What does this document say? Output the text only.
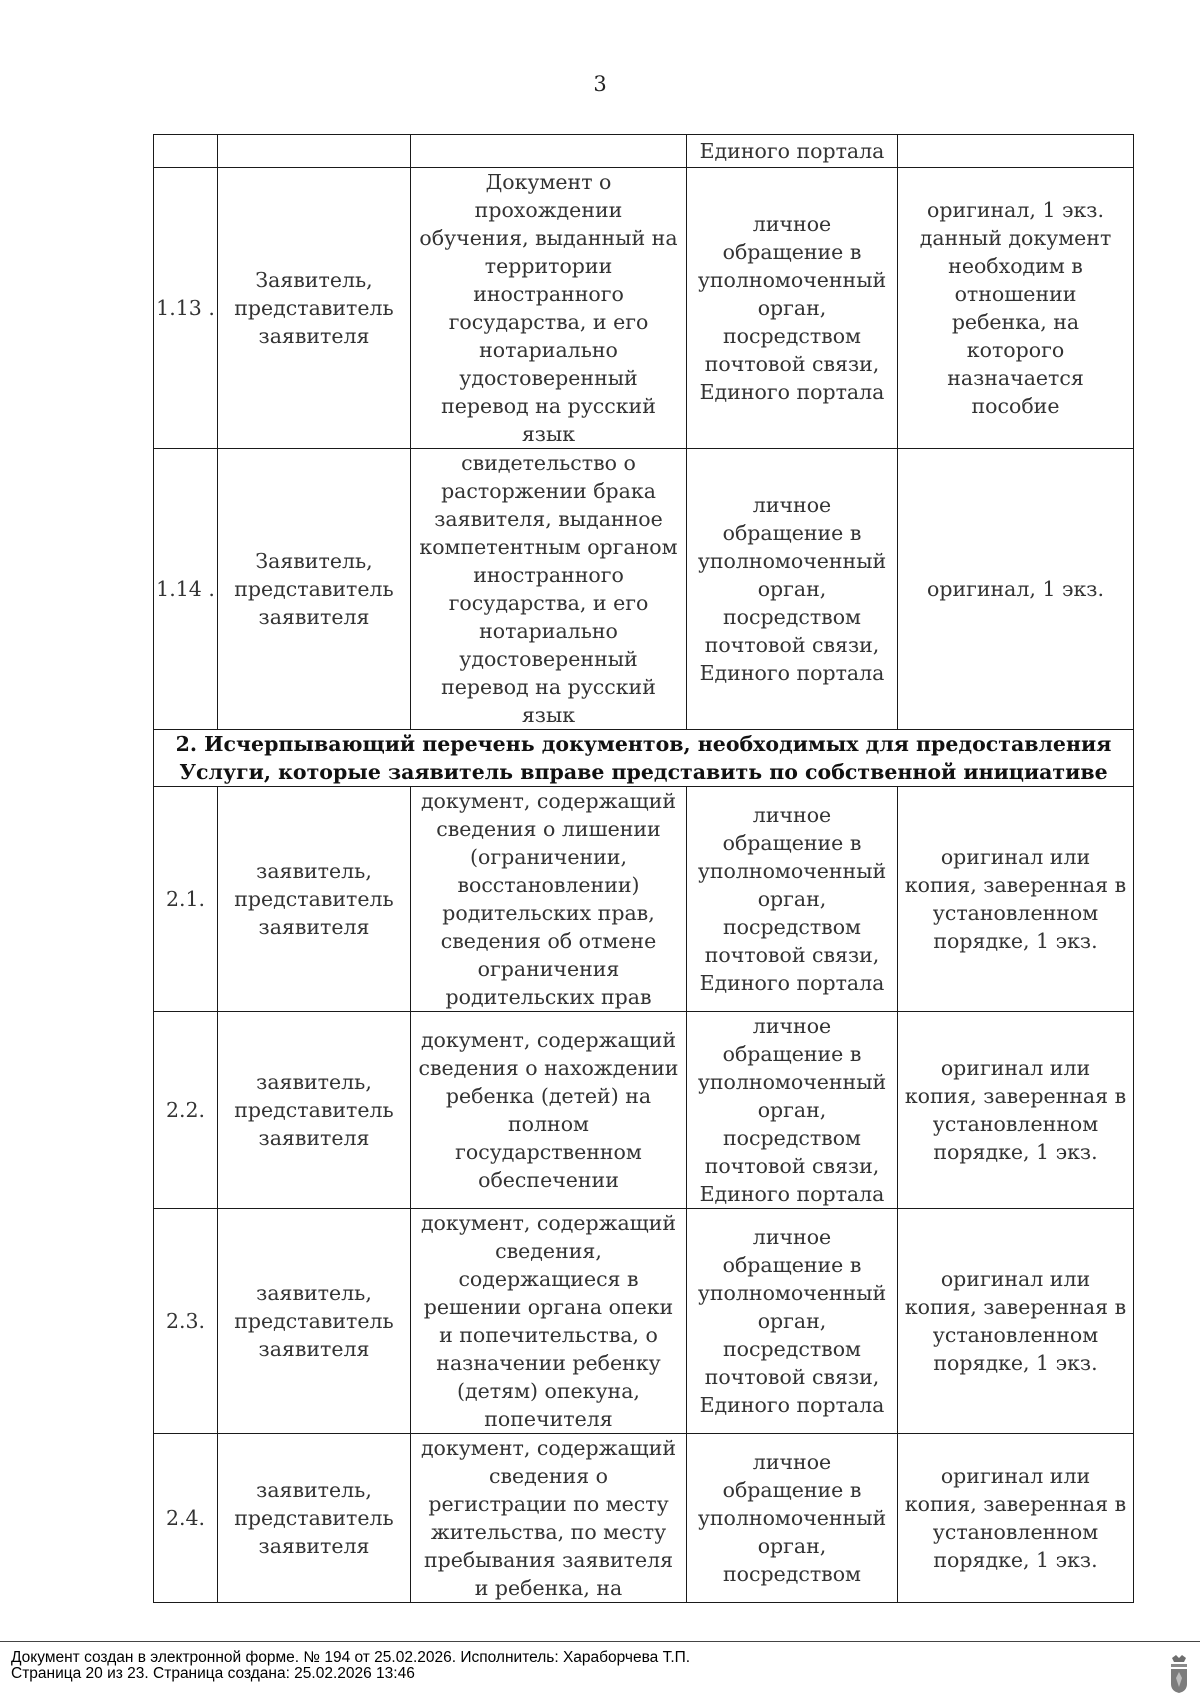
3
			Единого портала	
1.13 .	Заявитель, представитель заявителя	Документ о прохождении обучения, выданный на территории иностранного государства, и его нотариально удостоверенный перевод на русский язык	личное обращение в уполномоченный орган, посредством почтовой связи, Единого портала	оригинал, 1 экз. данный документ необходим в отношении ребенка, на которого назначается пособие
1.14 .	Заявитель, представитель заявителя	свидетельство о расторжении брака заявителя, выданное компетентным органом иностранного государства, и его нотариально удостоверенный перевод на русский язык	личное обращение в уполномоченный орган, посредством почтовой связи, Единого портала	оригинал, 1 экз.
2. Исчерпывающий перечень документов, необходимых для предоставления Услуги, которые заявитель вправе представить по собственной инициативе				
2.1.	заявитель, представитель заявителя	документ, содержащий сведения о лишении (ограничении, восстановлении) родительских прав, сведения об отмене ограничения родительских прав	личное обращение в уполномоченный орган, посредством почтовой связи, Единого портала	оригинал или копия, заверенная в установленном порядке, 1 экз.
2.2.	заявитель, представитель заявителя	документ, содержащий сведения о нахождении ребенка (детей) на полном государственном обеспечении	личное обращение в уполномоченный орган, посредством почтовой связи, Единого портала	оригинал или копия, заверенная в установленном порядке, 1 экз.
2.3.	заявитель, представитель заявителя	документ, содержащий сведения, содержащиеся в решении органа опеки и попечительства, о назначении ребенку (детям) опекуна, попечителя	личное обращение в уполномоченный орган, посредством почтовой связи, Единого портала	оригинал или копия, заверенная в установленном порядке, 1 экз.
2.4.	заявитель, представитель заявителя	документ, содержащий сведения о регистрации по месту жительства, по месту пребывания заявителя и ребенка, на	личное обращение в уполномоченный орган, посредством	оригинал или копия, заверенная в установленном порядке, 1 экз.
Документ создан в электронной форме. № 194 от 25.02.2026. Исполнитель: Хараборчева Т.П.
Страница 20 из 23. Страница создана: 25.02.2026 13:46
